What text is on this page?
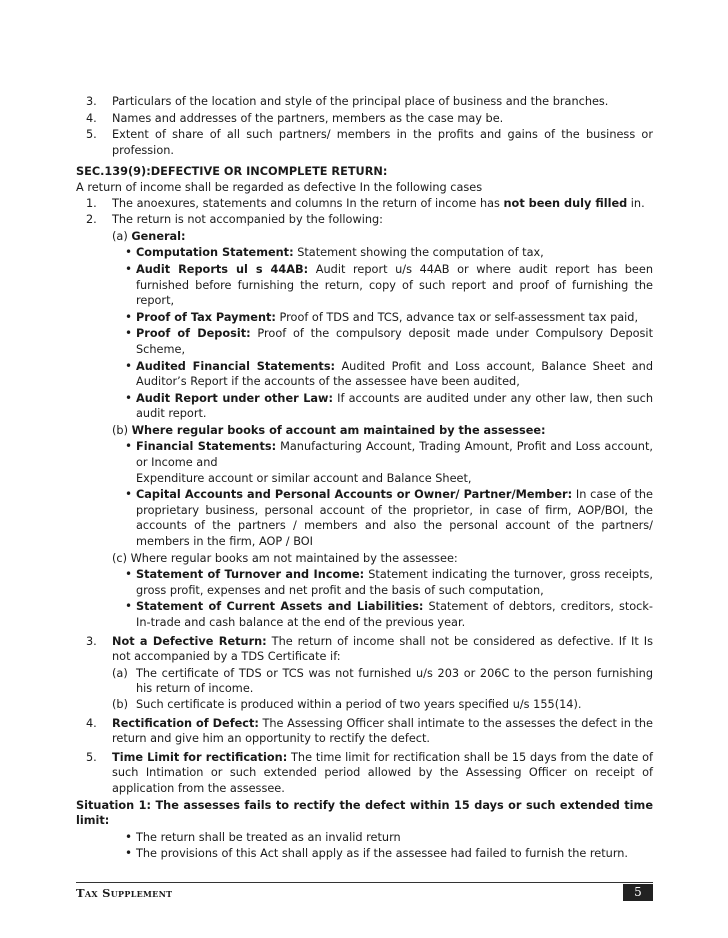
3. Particulars of the location and style of the principal place of business and the branches.
4. Names and addresses of the partners, members as the case may be.
5. Extent of share of all such partners/ members in the profits and gains of the business or profession.
SEC.139(9):DEFECTIVE OR INCOMPLETE RETURN:
A return of income shall be regarded as defective In the following cases
1. The anoexures, statements and columns In the return of income has not been duly filled in.
2. The return is not accompanied by the following:
(a) General:
• Computation Statement: Statement showing the computation of tax,
• Audit Reports ul s 44AB: Audit report u/s 44AB or where audit report has been furnished before furnishing the return, copy of such report and proof of furnishing the report,
• Proof of Tax Payment: Proof of TDS and TCS, advance tax or self-assessment tax paid,
• Proof of Deposit: Proof of the compulsory deposit made under Compulsory Deposit Scheme,
• Audited Financial Statements: Audited Profit and Loss account, Balance Sheet and Auditor’s Report if the accounts of the assessee have been audited,
• Audit Report under other Law: If accounts are audited under any other law, then such audit report.
(b) Where regular books of account am maintained by the assessee:
• Financial Statements: Manufacturing Account, Trading Amount, Profit and Loss account, or Income and
Expenditure account or similar account and Balance Sheet,
• Capital Accounts and Personal Accounts or Owner/ Partner/Member: In case of the proprietary business, personal account of the proprietor, in case of firm, AOP/BOI, the accounts of the partners / members and also the personal account of the partners/ members in the firm, AOP / BOI
(c) Where regular books am not maintained by the assessee:
• Statement of Turnover and Income: Statement indicating the turnover, gross receipts, gross profit, expenses and net profit and the basis of such computation,
• Statement of Current Assets and Liabilities: Statement of debtors, creditors, stock-In-trade and cash balance at the end of the previous year.
3. Not a Defective Return: The return of income shall not be considered as defective. If It Is not accompanied by a TDS Certificate if:
(a) The certificate of TDS or TCS was not furnished u/s 203 or 206C to the person furnishing his return of income.
(b) Such certificate is produced within a period of two years specified u/s 155(14).
4. Rectification of Defect: The Assessing Officer shall intimate to the assesses the defect in the return and give him an opportunity to rectify the defect.
5. Time Limit for rectification: The time limit for rectification shall be 15 days from the date of such Intimation or such extended period allowed by the Assessing Officer on receipt of application from the assessee.
Situation 1: The assesses fails to rectify the defect within 15 days or such extended time limit:
• The return shall be treated as an invalid return
• The provisions of this Act shall apply as if the assessee had failed to furnish the return.
Tax Supplement	5
